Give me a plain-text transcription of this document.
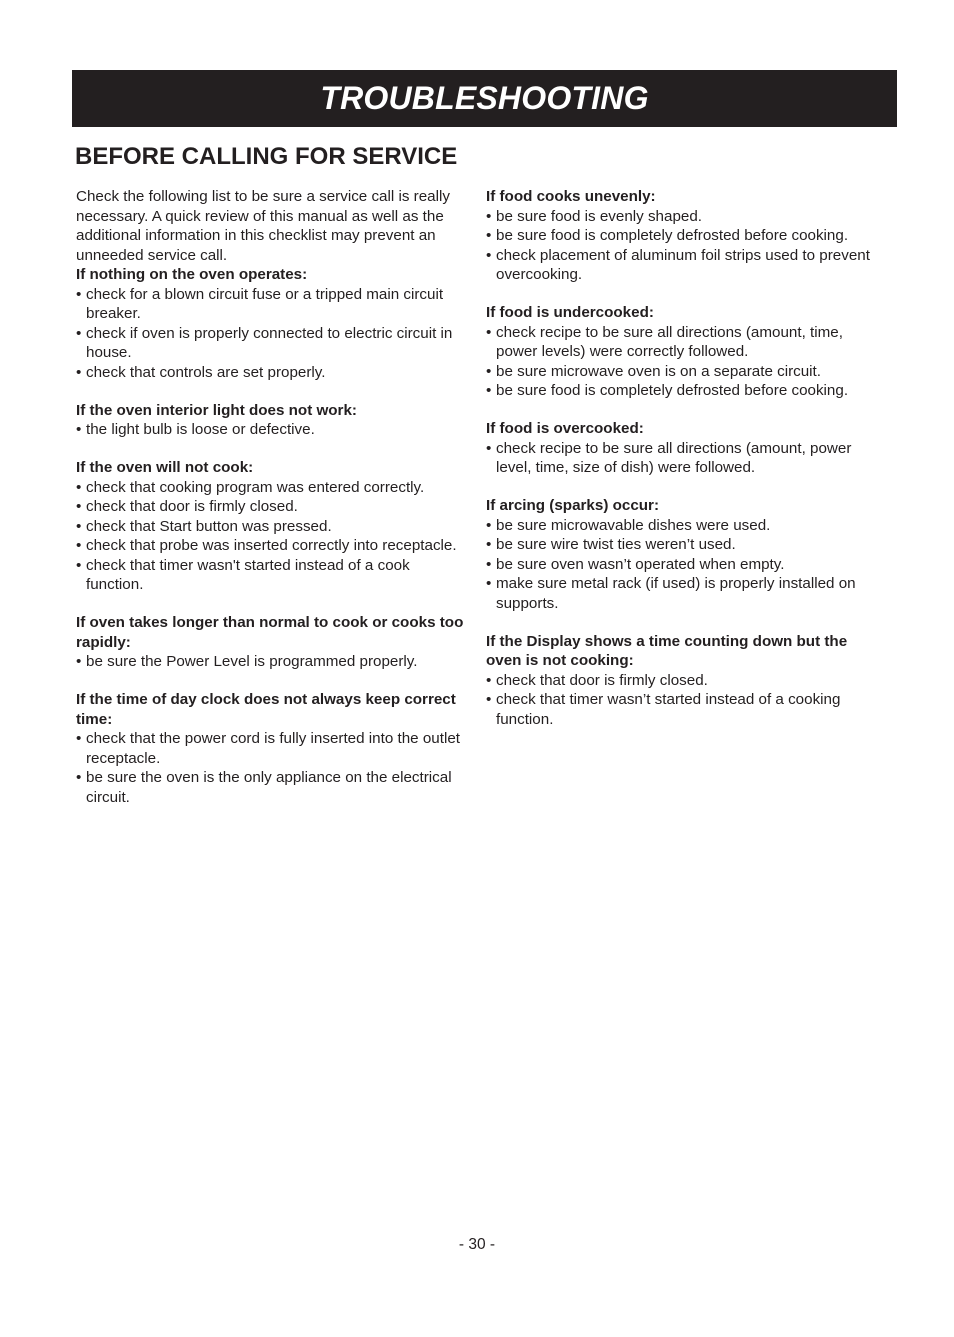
TROUBLESHOOTING
BEFORE CALLING FOR SERVICE

Check the following list to be sure a service call is really necessary. A quick review of this manual as well as the additional information in this checklist may prevent an unneeded service call.

If nothing on the oven operates:

• check for a blown circuit fuse or a tripped main circuit breaker.
• check if oven is properly connected to electric circuit in house.
• check that controls are set properly.

If the oven interior light does not work:

• the light bulb is loose or defective.

If the oven will not cook:

• check that cooking program was entered correctly.
• check that door is firmly closed.
• check that Start button was pressed.
• check that probe was inserted correctly into receptacle.
• check that timer wasn't started instead of a cook function.

If oven takes longer than normal to cook or cooks too rapidly:

• be sure the Power Level is programmed properly.

If the time of day clock does not always keep correct time:

• check that the power cord is fully inserted into the outlet receptacle.
• be sure the oven is the only appliance on the electrical circuit.

If food cooks unevenly:

• be sure food is evenly shaped.
• be sure food is completely defrosted before cooking.
• check placement of aluminum foil strips used to prevent overcooking.

If food is undercooked:

• check recipe to be sure all directions (amount, time, power levels) were correctly followed.
• be sure microwave oven is on a separate circuit.
• be sure food is completely defrosted before cooking.

If food is overcooked:

• check recipe to be sure all directions (amount, power level, time, size of dish) were followed.

If arcing (sparks) occur:

• be sure microwavable dishes were used.
• be sure wire twist ties weren’t used.
• be sure oven wasn’t operated when empty.
• make sure metal rack (if used) is properly installed on supports.

If the Display shows a time counting down but the oven is not cooking:

• check that door is firmly closed.
• check that timer wasn’t started instead of a cooking function.
- 30 -
